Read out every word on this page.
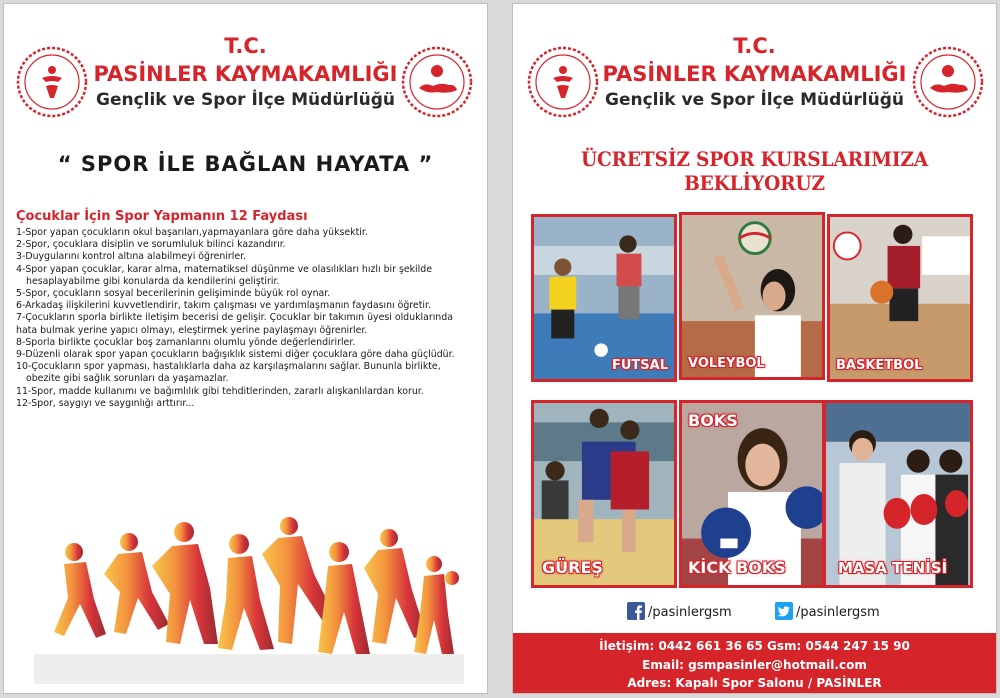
T.C.
PASİNLER KAYMAKAMLIĞI
Gençlik ve Spor İlçe Müdürlüğü
“ SPOR İLE BAĞLAN HAYATA ”
Çocuklar İçin Spor Yapmanın 12 Faydası
1-Spor yapan çocukların okul başarıları,yapmayanlara göre daha yüksektir.
2-Spor, çocuklara disiplin ve sorumluluk bilinci kazandırır.
3-Duygularını kontrol altına alabilmeyi öğrenirler.
4-Spor yapan çocuklar, karar alma, matematiksel düşünme ve olasılıkları hızlı bir şekilde
hesaplayabilme gibi konularda da kendilerini geliştirir.
5-Spor, çocukların sosyal becerilerinin gelişiminde büyük rol oynar.
6-Arkadaş ilişkilerini kuvvetlendirir, takım çalışması ve yardımlaşmanın faydasını öğretir.
7-Çocukların sporla birlikte iletişim becerisi de gelişir. Çocuklar bir takımın üyesi olduklarında
hata bulmak yerine yapıcı olmayı, eleştirmek yerine paylaşmayı öğrenirler.
8-Sporla birlikte çocuklar boş zamanlarını olumlu yönde değerlendirirler.
9-Düzenli olarak spor yapan çocukların bağışıklık sistemi diğer çocuklara göre daha güçlüdür.
10-Çocukların spor yapması, hastalıklarla daha az karşılaşmalarını sağlar. Bununla birlikte,
obezite gibi sağlık sorunları da yaşamazlar.
11-Spor, madde kullanımı ve bağımlılık gibi tehditlerinden, zararlı alışkanlılardan korur.
12-Spor, saygıyı ve saygınlığı arttırır...
T.C.
PASİNLER KAYMAKAMLIĞI
Gençlik ve Spor İlçe Müdürlüğü
ÜCRETSİZ SPOR KURSLARIMIZA BEKLİYORUZ
FUTSAL VOLEYBOL	BASKETBOL
GÜREŞ
BOKS
KİCK BOKS	MASA TENİSİ
/pasinlergsm	/pasinlergsm
İletişim: 0442 661 36 65 Gsm: 0544 247 15 90
Email: gsmpasinler@hotmail.com
Adres: Kapalı Spor Salonu / PASİNLER
